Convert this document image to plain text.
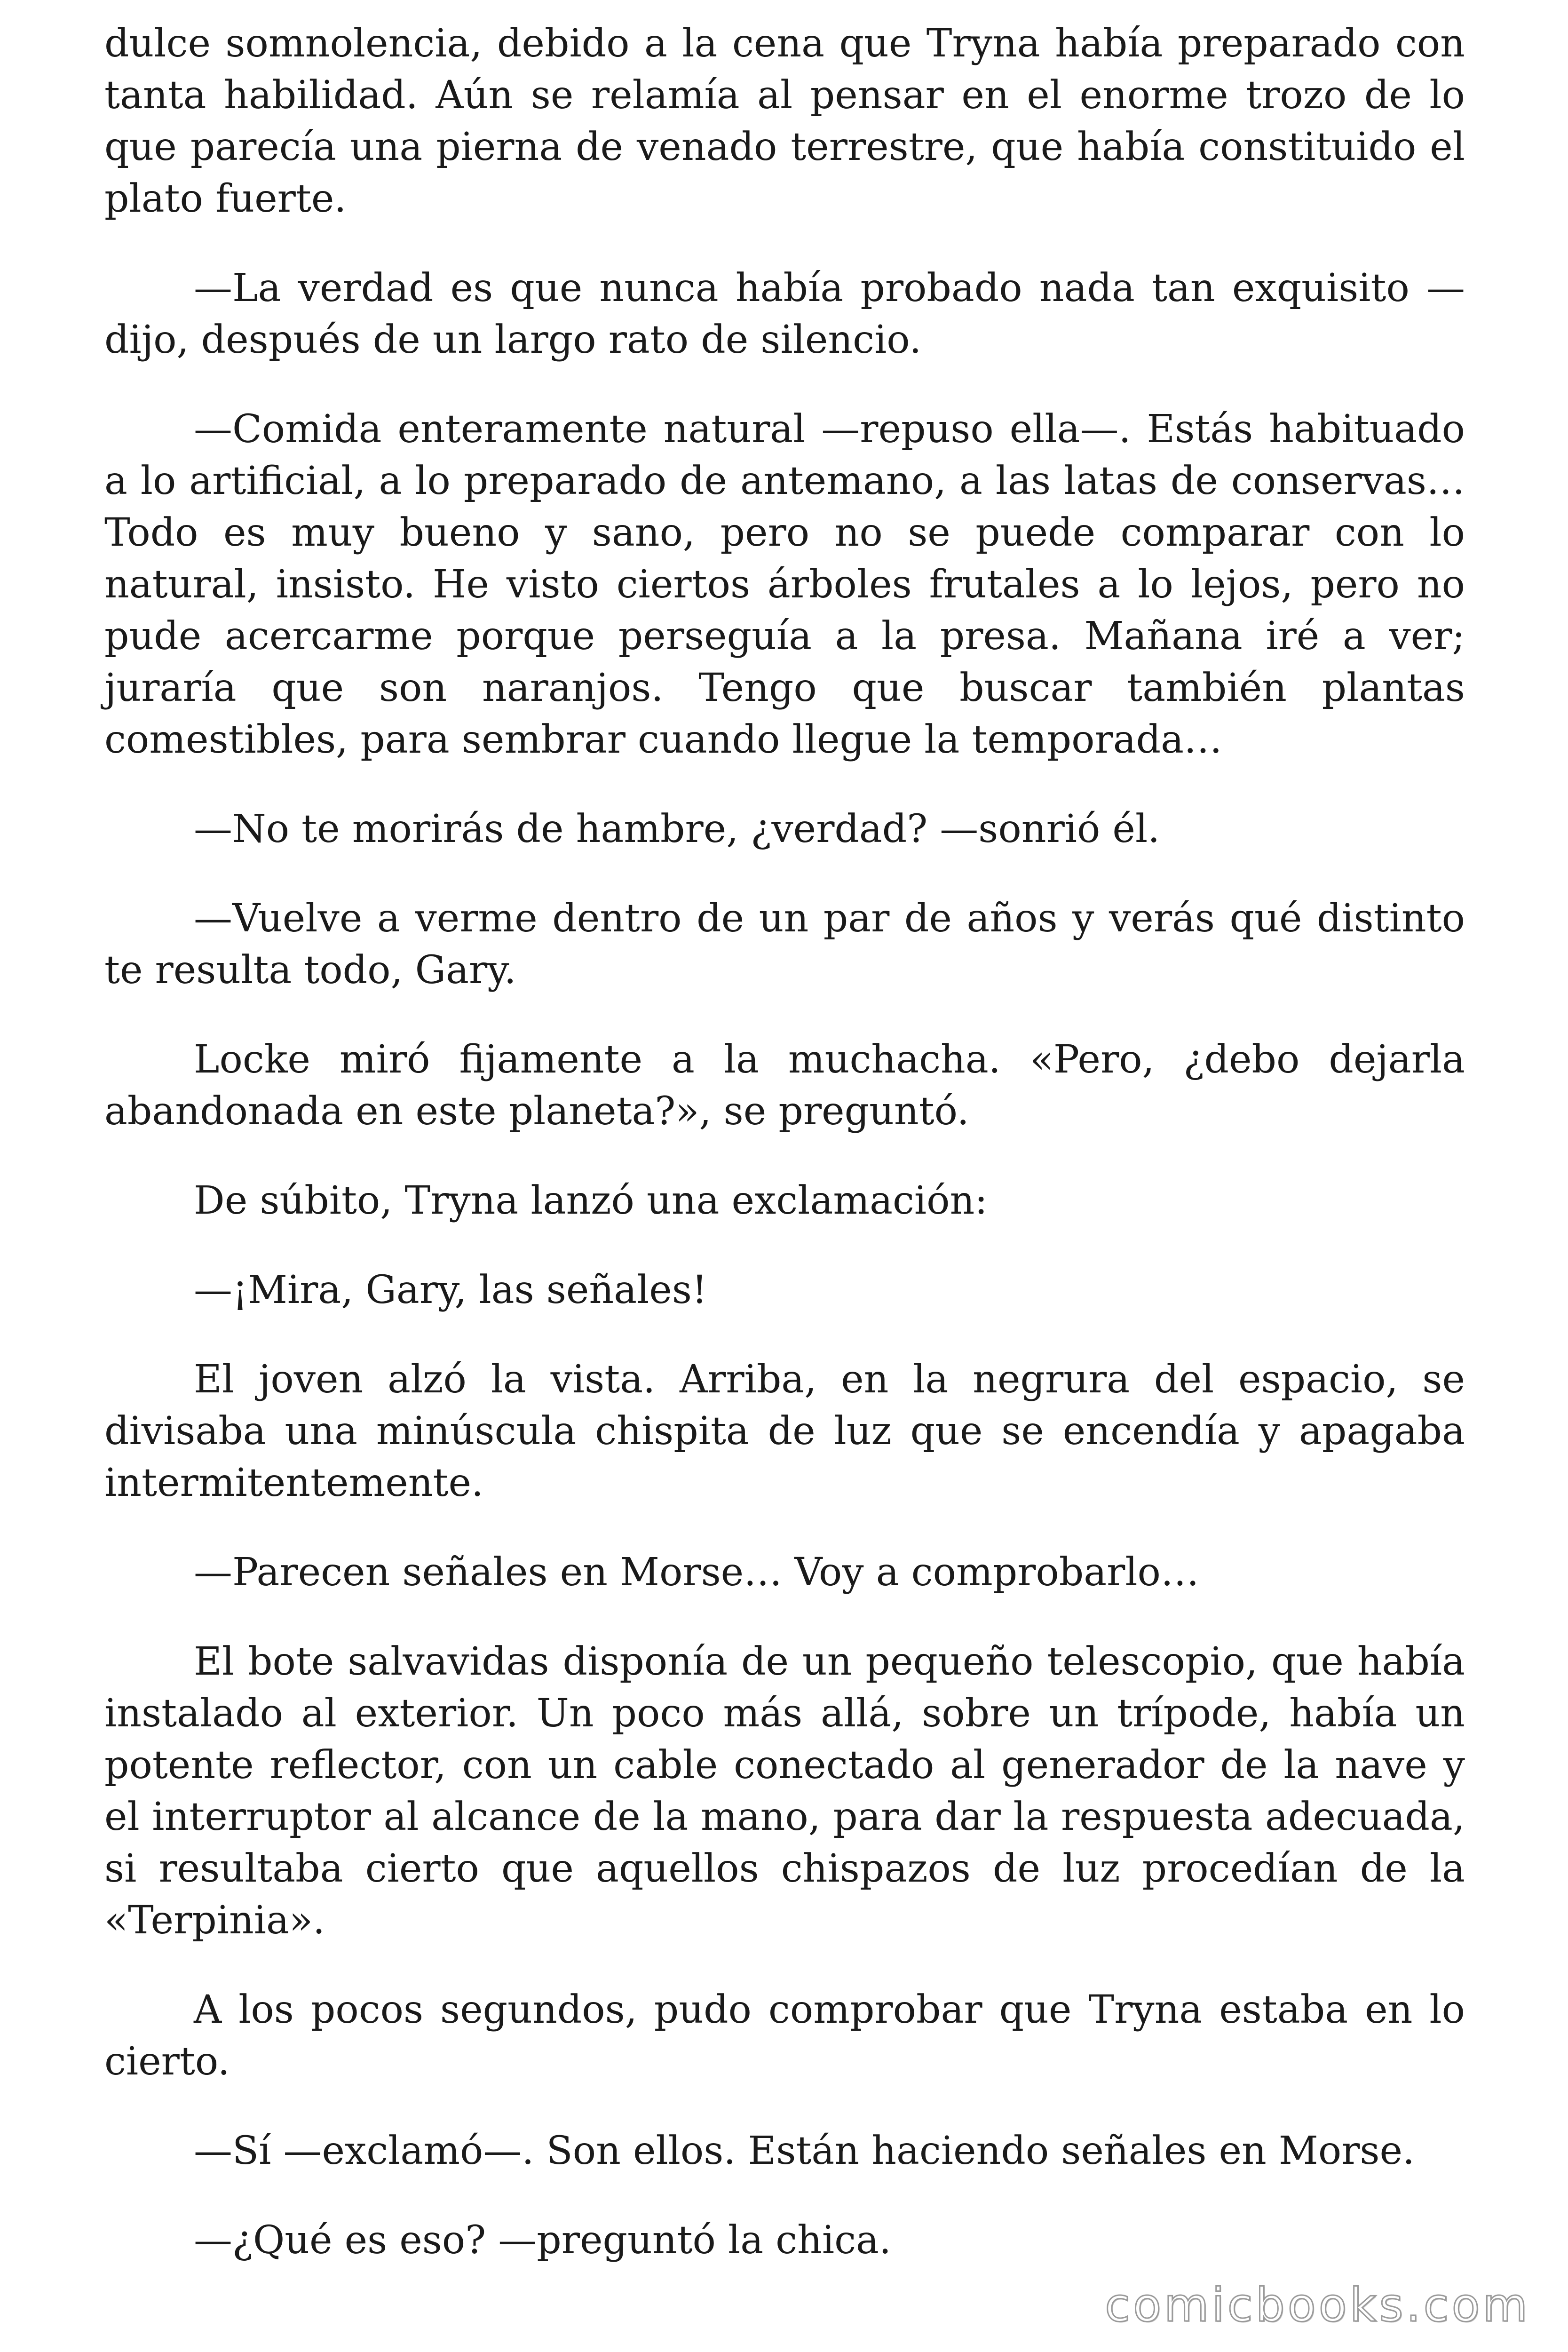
dulce somnolencia, debido a la cena que Tryna había preparado con tanta habilidad. Aún se relamía al pensar en el enorme trozo de lo que parecía una pierna de venado terrestre, que había constituido el plato fuerte.

—La verdad es que nunca había probado nada tan exquisito —dijo, después de un largo rato de silencio.

—Comida enteramente natural —repuso ella—. Estás habituado a lo artificial, a lo preparado de antemano, a las latas de conservas… Todo es muy bueno y sano, pero no se puede comparar con lo natural, insisto. He visto ciertos árboles frutales a lo lejos, pero no pude acercarme porque perseguía a la presa. Mañana iré a ver; juraría que son naranjos. Tengo que buscar también plantas comestibles, para sembrar cuando llegue la temporada…

—No te morirás de hambre, ¿verdad? —sonrió él.

—Vuelve a verme dentro de un par de años y verás qué distinto te resulta todo, Gary.

Locke miró fijamente a la muchacha. «Pero, ¿debo dejarla abandonada en este planeta?», se preguntó.

De súbito, Tryna lanzó una exclamación:

—¡Mira, Gary, las señales!

El joven alzó la vista. Arriba, en la negrura del espacio, se divisaba una minúscula chispita de luz que se encendía y apagaba intermitentemente.

—Parecen señales en Morse… Voy a comprobarlo…

El bote salvavidas disponía de un pequeño telescopio, que había instalado al exterior. Un poco más allá, sobre un trípode, había un potente reflector, con un cable conectado al generador de la nave y el interruptor al alcance de la mano, para dar la respuesta adecuada, si resultaba cierto que aquellos chispazos de luz procedían de la «Terpinia».

A los pocos segundos, pudo comprobar que Tryna estaba en lo cierto.

—Sí —exclamó—. Son ellos. Están haciendo señales en Morse.

—¿Qué es eso? —preguntó la chica.

comicbooks.com
